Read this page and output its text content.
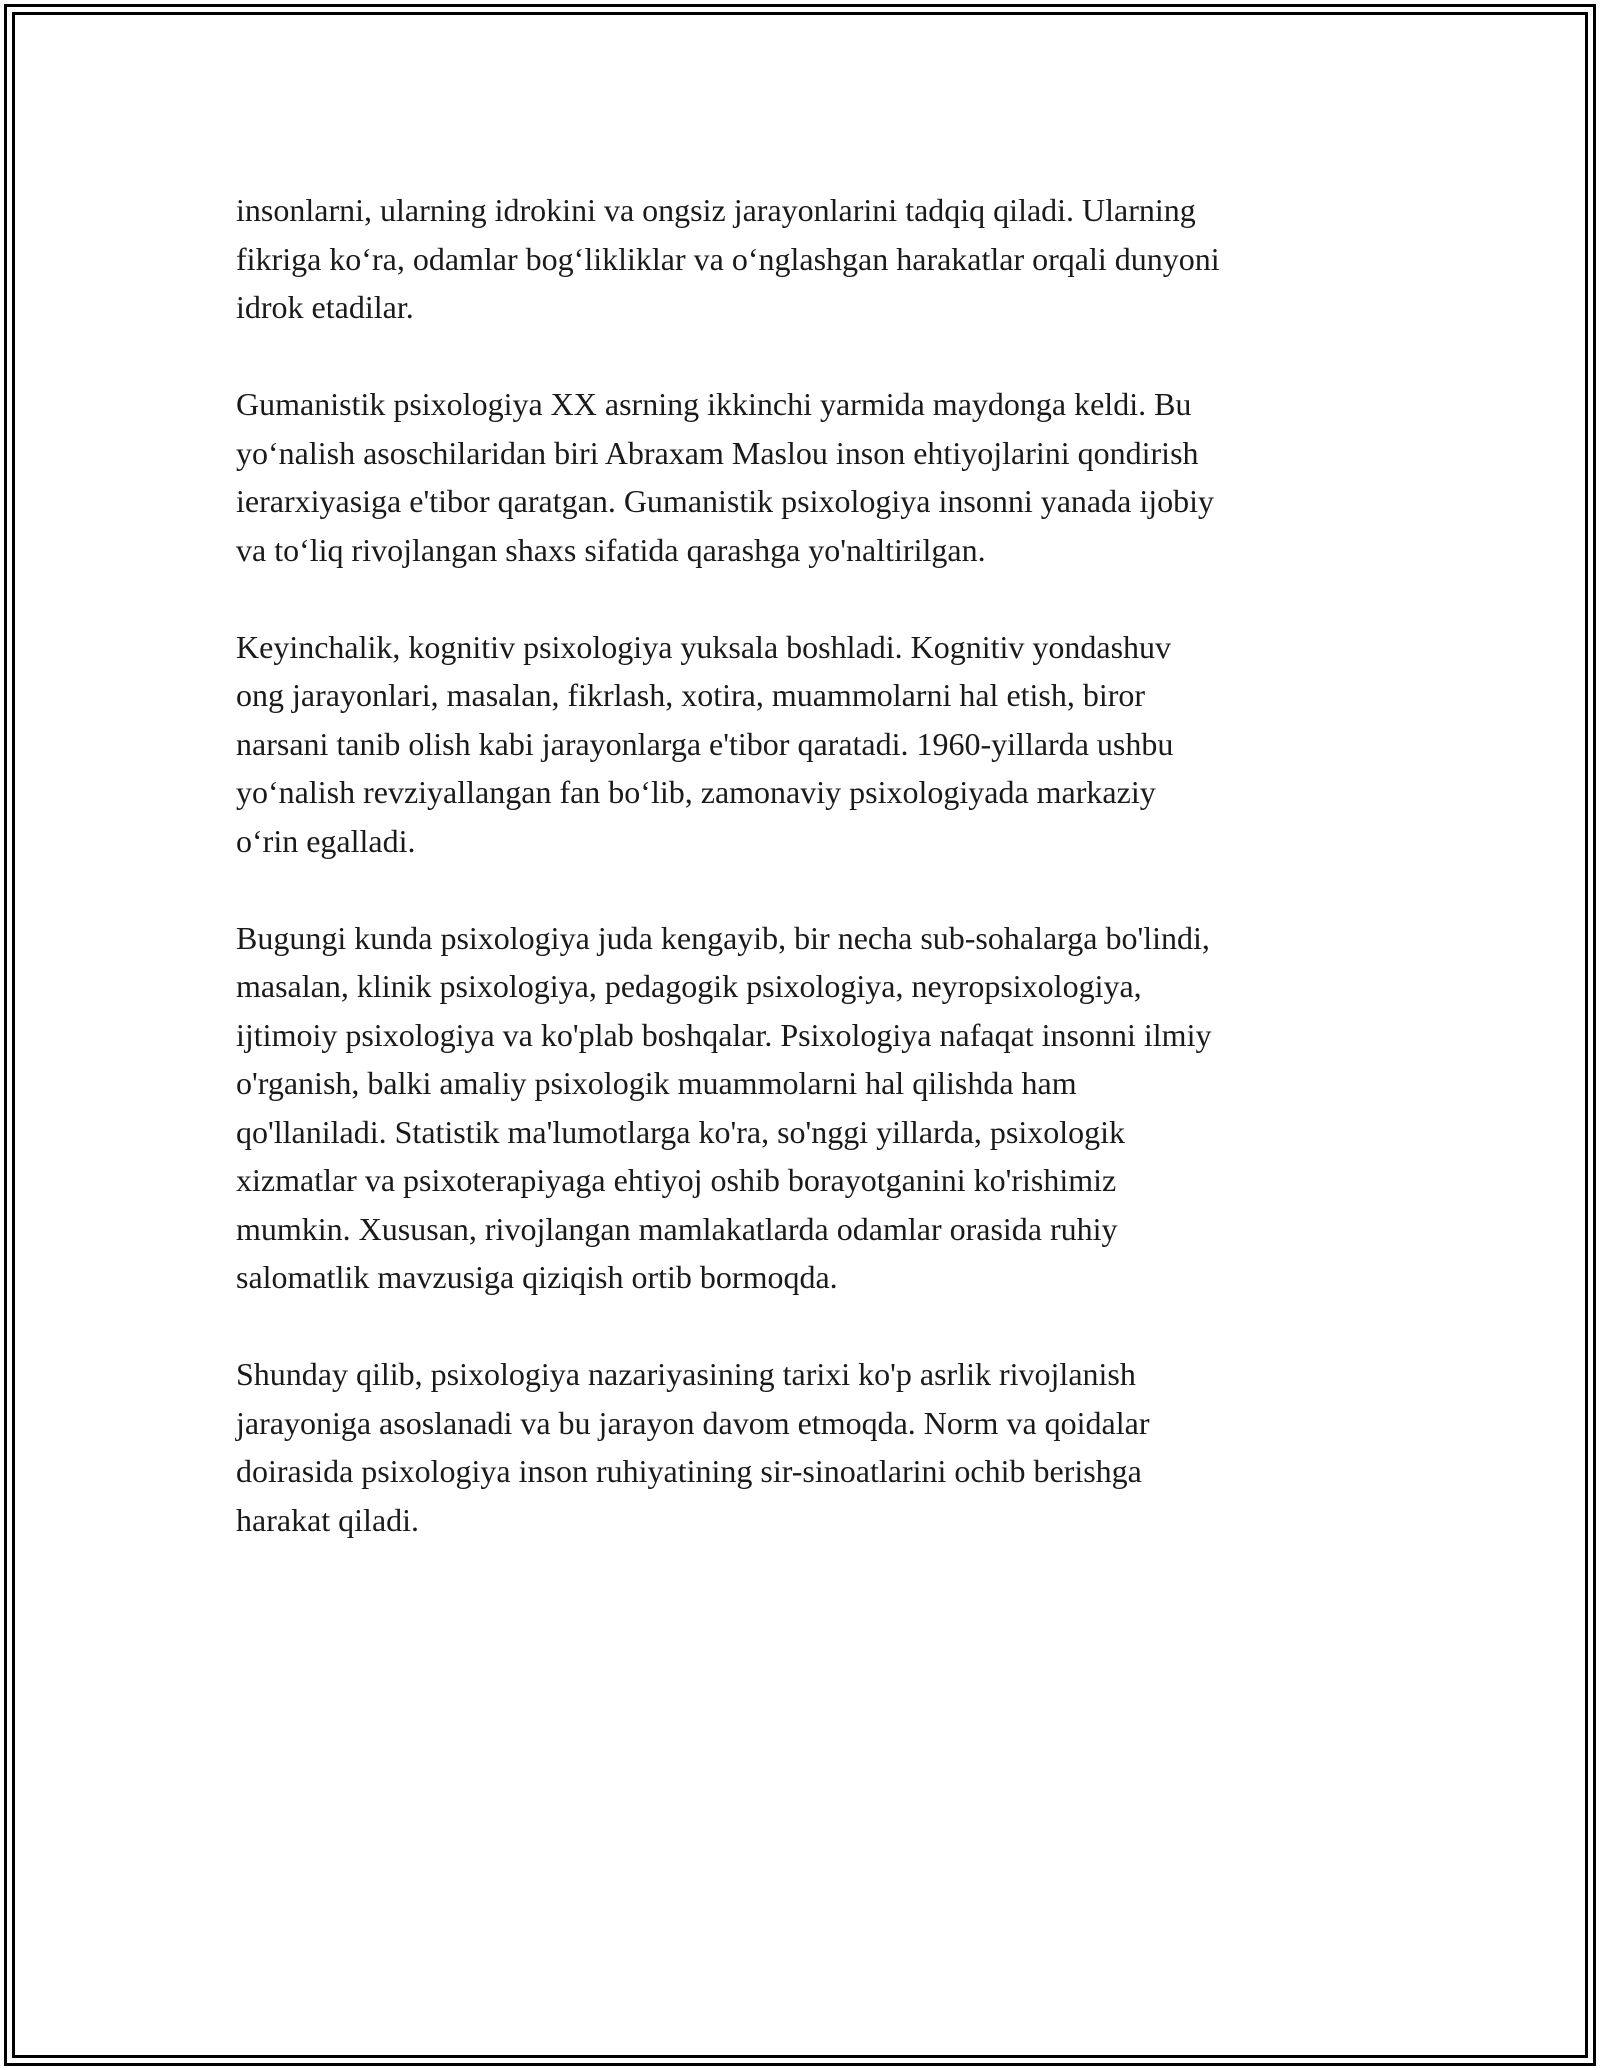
insonlarni, ularning idrokini va ongsiz jarayonlarini tadqiq qiladi. Ularning
fikriga ko‘ra, odamlar bog‘likliklar va o‘nglashgan harakatlar orqali dunyoni
idrok etadilar.

Gumanistik psixologiya XX asrning ikkinchi yarmida maydonga keldi. Bu
yo‘nalish asoschilaridan biri Abraxam Maslou inson ehtiyojlarini qondirish
ierarxiyasiga e'tibor qaratgan. Gumanistik psixologiya insonni yanada ijobiy
va to‘liq rivojlangan shaxs sifatida qarashga yo'naltirilgan.

Keyinchalik, kognitiv psixologiya yuksala boshladi. Kognitiv yondashuv
ong jarayonlari, masalan, fikrlash, xotira, muammolarni hal etish, biror
narsani tanib olish kabi jarayonlarga e'tibor qaratadi. 1960-yillarda ushbu
yo‘nalish revziyallangan fan bo‘lib, zamonaviy psixologiyada markaziy
o‘rin egalladi.

Bugungi kunda psixologiya juda kengayib, bir necha sub-sohalarga bo'lindi,
masalan, klinik psixologiya, pedagogik psixologiya, neyropsixologiya,
ijtimoiy psixologiya va ko'plab boshqalar. Psixologiya nafaqat insonni ilmiy
o'rganish, balki amaliy psixologik muammolarni hal qilishda ham
qo'llaniladi. Statistik ma'lumotlarga ko'ra, so'nggi yillarda, psixologik
xizmatlar va psixoterapiyaga ehtiyoj oshib borayotganini ko'rishimiz
mumkin. Xususan, rivojlangan mamlakatlarda odamlar orasida ruhiy
salomatlik mavzusiga qiziqish ortib bormoqda.

Shunday qilib, psixologiya nazariyasining tarixi ko'p asrlik rivojlanish
jarayoniga asoslanadi va bu jarayon davom etmoqda. Norm va qoidalar
doirasida psixologiya inson ruhiyatining sir-sinoatlarini ochib berishga
harakat qiladi.
